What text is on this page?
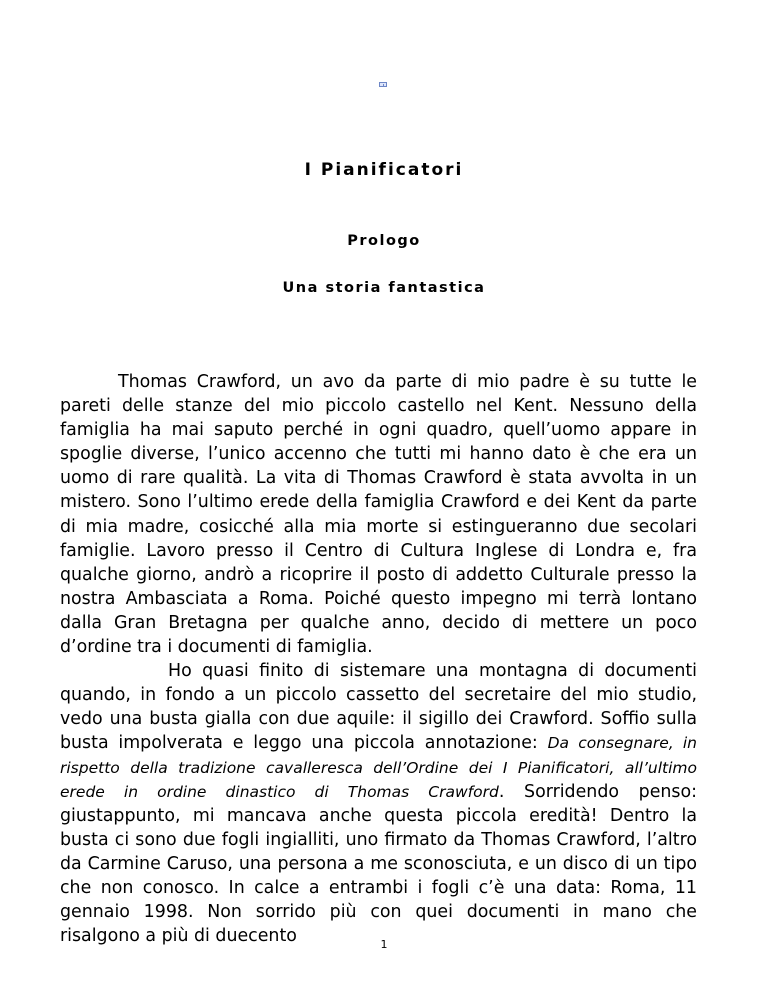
I Pianificatori
Prologo
Una storia fantastica

Thomas Crawford, un avo da parte di mio padre è su tutte le pareti delle stanze del mio piccolo castello nel Kent. Nessuno della famiglia ha mai saputo perché in ogni quadro, quell’uomo appare in spoglie diverse, l’unico accenno che tutti mi hanno dato è che era un uomo di rare qualità. La vita di Thomas Crawford è stata avvolta in un mistero. Sono l’ultimo erede della famiglia Crawford e dei Kent da parte di mia madre, cosicché alla mia morte si estingueranno due secolari famiglie. Lavoro presso il Centro di Cultura Inglese di Londra e, fra qualche giorno, andrò a ricoprire il posto di addetto Culturale presso la nostra Ambasciata a Roma. Poiché questo impegno mi terrà lontano dalla Gran Bretagna per qualche anno, decido di mettere un poco d’ordine tra i documenti di famiglia.

Ho quasi finito di sistemare una montagna di documenti quando, in fondo a un piccolo cassetto del secretaire del mio studio, vedo una busta gialla con due aquile: il sigillo dei Crawford. Soffio sulla busta impolverata e leggo una piccola annotazione: Da consegnare, in rispetto della tradizione cavalleresca dell’Ordine dei I Pianificatori, all’ultimo erede in ordine dinastico di Thomas Crawford. Sorridendo penso: giustappunto, mi mancava anche questa piccola eredità! Dentro la busta ci sono due fogli ingialliti, uno firmato da Thomas Crawford, l’altro da Carmine Caruso, una persona a me sconosciuta, e un disco di un tipo che non conosco. In calce a entrambi i fogli c’è una data: Roma, 11 gennaio 1998. Non sorrido più con quei documenti in mano che risalgono a più di duecento	1
